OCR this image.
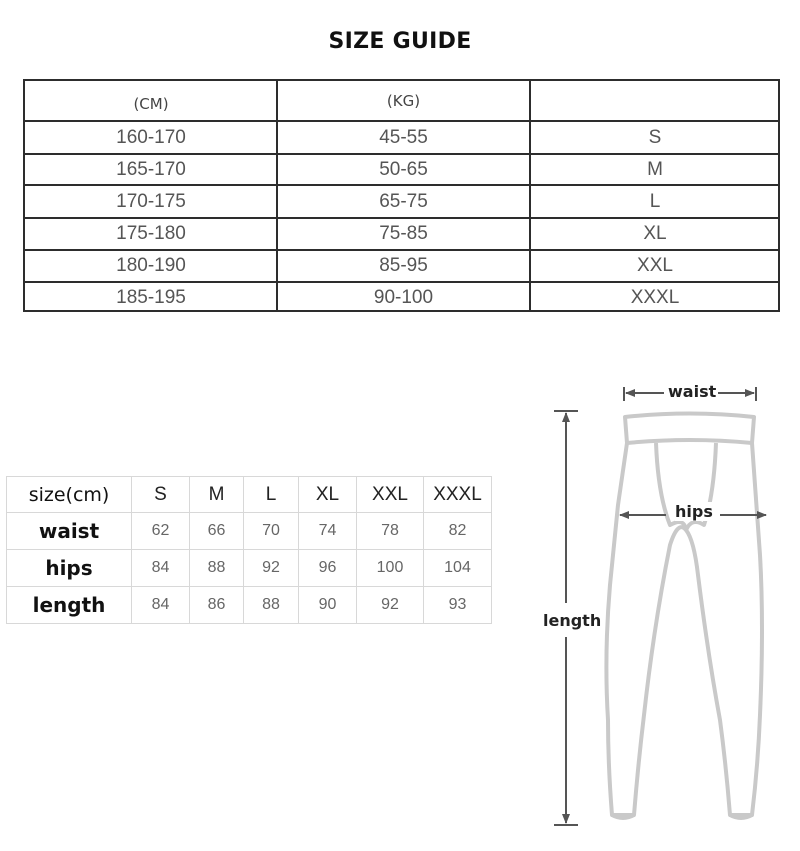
SIZE GUIDE
(CM)	(KG)
160-170	45-55	S
165-170	50-65	M
170-175	65-75	L
175-180	75-85	XL
180-190	85-95	XXL
185-195	90-100	XXXL
size(cm)	S	M	L	XL	XXL	XXXL
waist	62	66	70	74	78	82
hips	84	88	92	96	100	104
length	84	86	88	90	92	93
waist
hips
length
